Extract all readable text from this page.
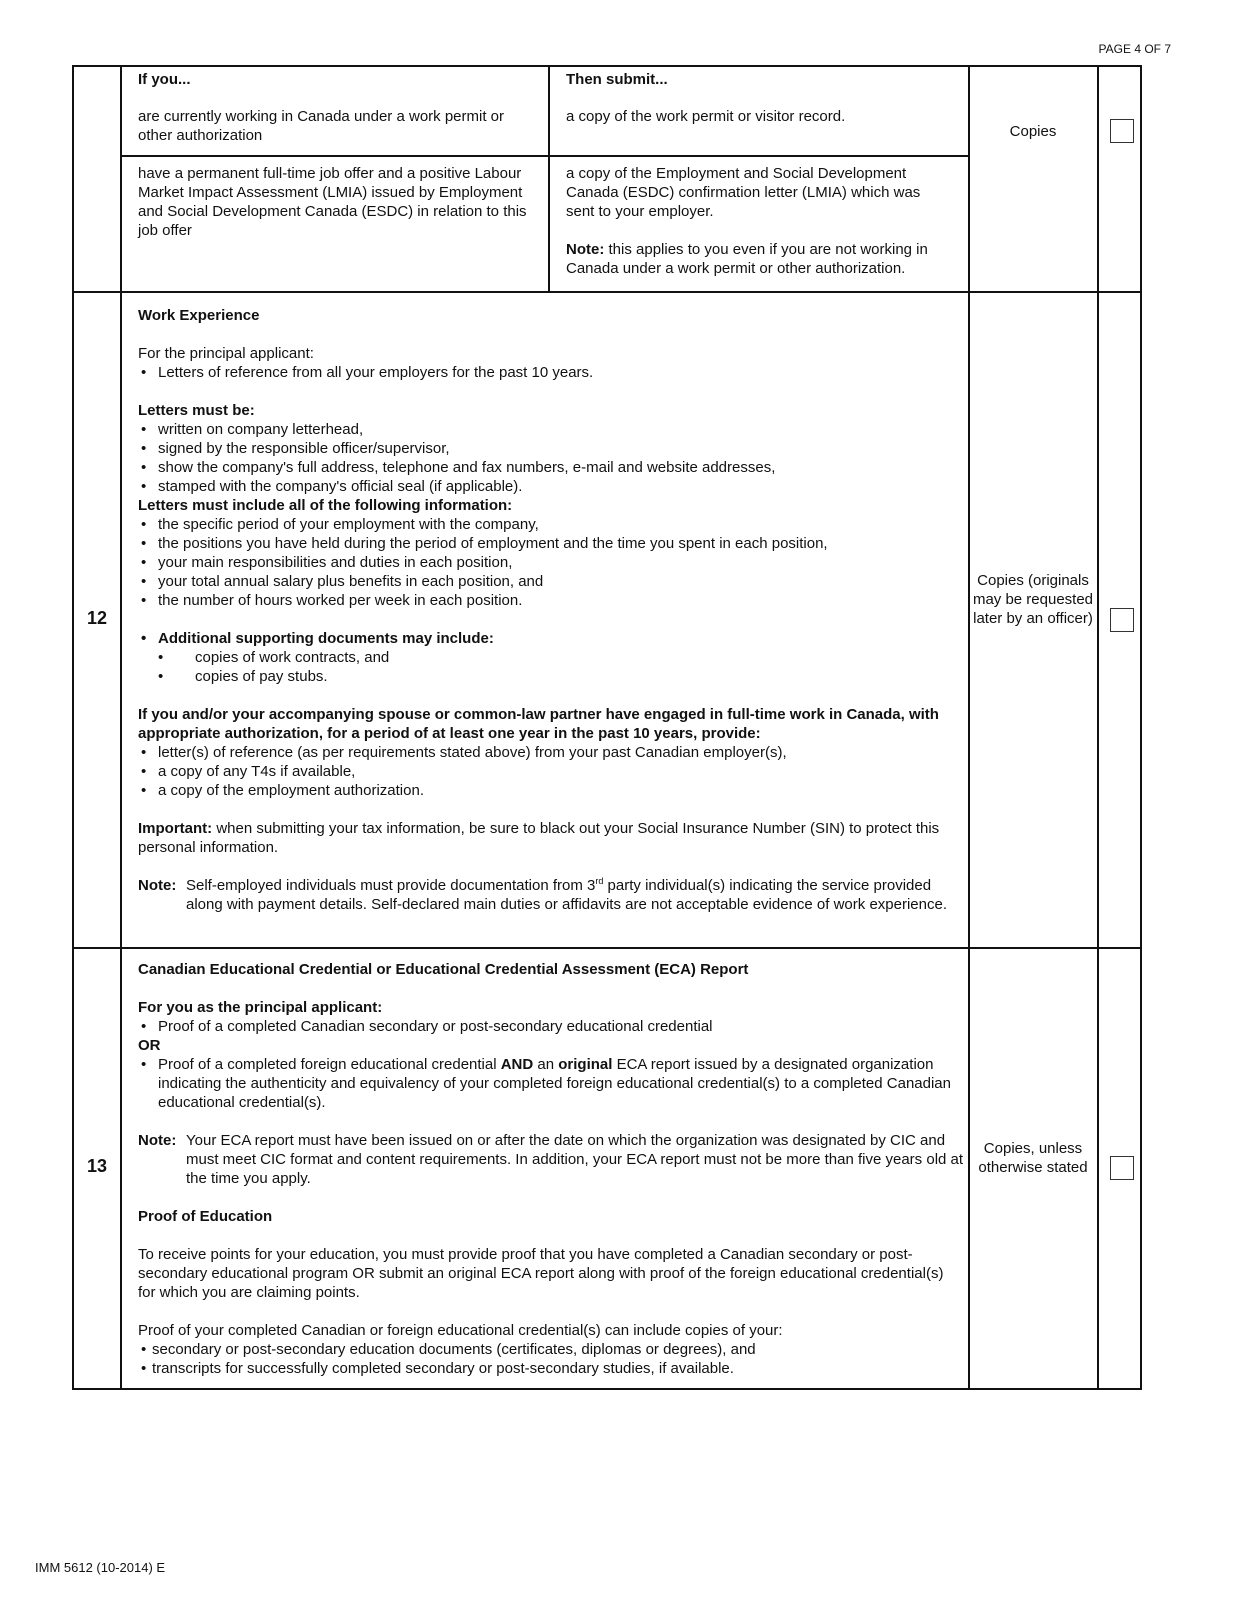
PAGE 4 OF 7
If you...	Then submit...
are currently working in Canada under a work permit or other authorization
a copy of the work permit or visitor record.
have a permanent full-time job offer and a positive Labour Market Impact Assessment (LMIA) issued by Employment and Social Development Canada (ESDC) in relation to this job offer

a copy of the Employment and Social Development Canada (ESDC) confirmation letter (LMIA) which was sent to your employer.

Note: this applies to you even if you are not working in Canada under a work permit or other authorization.

Copies
12

Work Experience

For the principal applicant:

• Letters of reference from all your employers for the past 10 years.

Letters must be:

• written on company letterhead,
• signed by the responsible officer/supervisor,
• show the company's full address, telephone and fax numbers, e-mail and website addresses,
• stamped with the company's official seal (if applicable).

Letters must include all of the following information:

• the specific period of your employment with the company,
• the positions you have held during the period of employment and the time you spent in each position,
• your main responsibilities and duties in each position,
• your total annual salary plus benefits in each position, and
• the number of hours worked per week in each position.
• Additional supporting documents may include:
• copies of work contracts, and
• copies of pay stubs.

If you and/or your accompanying spouse or common-law partner have engaged in full-time work in Canada, with appropriate authorization, for a period of at least one year in the past 10 years, provide:

• letter(s) of reference (as per requirements stated above) from your past Canadian employer(s),
• a copy of any T4s if available,
• a copy of the employment authorization.

Important: when submitting your tax information, be sure to black out your Social Insurance Number (SIN) to protect this personal information.

Note: Self-employed individuals must provide documentation from 3rd party individual(s) indicating the service provided along with payment details. Self-declared main duties or affidavits are not acceptable evidence of work experience.
Copies (originals may be requested later by an officer)
13

Canadian Educational Credential or Educational Credential Assessment (ECA) Report

For you as the principal applicant:

• Proof of a completed Canadian secondary or post-secondary educational credential

OR

• Proof of a completed foreign educational credential AND an original ECA report issued by a designated organization indicating the authenticity and equivalency of your completed foreign educational credential(s) to a completed Canadian educational credential(s).
Note: Your ECA report must have been issued on or after the date on which the organization was designated by CIC and must meet CIC format and content requirements. In addition, your ECA report must not be more than five years old at the time you apply.

Proof of Education

To receive points for your education, you must provide proof that you have completed a Canadian secondary or post-secondary educational program OR submit an original ECA report along with proof of the foreign educational credential(s) for which you are claiming points.

Proof of your completed Canadian or foreign educational credential(s) can include copies of your:

• secondary or post-secondary education documents (certificates, diplomas or degrees), and
• transcripts for successfully completed secondary or post-secondary studies, if available.
Copies, unless otherwise stated
IMM 5612 (10-2014) E
